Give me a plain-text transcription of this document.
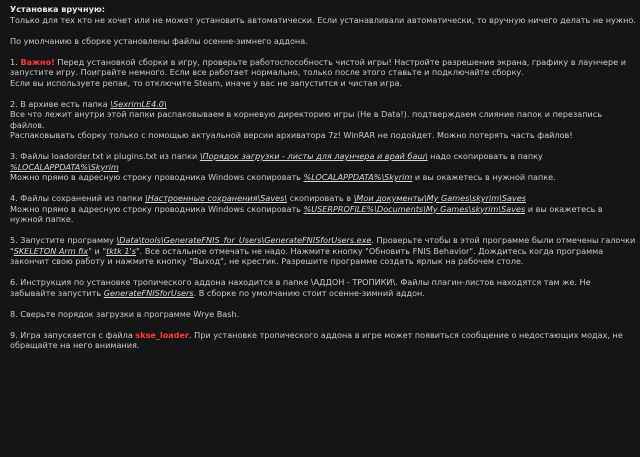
Установка вручную:

Только для тех кто не хочет или не может установить автоматически. Если устанавливали автоматически, то вручную ничего делать не нужно.

По умолчанию в сборке установлены файлы осенне-зимнего аддона.

1. Важно! Перед установкой сборки в игру, проверьте работоспособность чистой игры! Настройте разрешение экрана, графику в лаунчере и запустите игру. Поиграйте немного. Если все работает нормально, только после этого ставьте и подключайте сборку.

Если вы используете репак, то отключите Steam, иначе у вас не запустится и чистая игра.

2. В архиве есть папка \SexrimLE4.0\

Все что лежит внутри этой папки распаковываем в корневую директорию игры (Не в Data!). подтверждаем слияние папок и перезапись файлов.

Распаковывать сборку только с помощью актуальной версии архиватора 7z! WinRAR не подойдет. Можно потерять часть файлов!

3. Файлы loadorder.txt и plugins.txt из папки \Порядок загрузки - листы для лаунчера и врай баш\ надо скопировать в папку %LOCALAPPDATA%\Skyrim

Можно прямо в адресную строку проводника Windows скопировать %LOCALAPPDATA%\Skyrim и вы окажетесь в нужной папке.

4. Файлы сохранений из папки \Настроенные сохранения\Saves\ скопировать в \Мои документы\My Games\skyrim\Saves

Можно прямо в адресную строку проводника Windows скопировать %USERPROFILE%\Documents\My Games\skyrim\Saves и вы окажетесь в нужной папке.

5. Запустите программу \Data\tools\GenerateFNIS_for_Users\GenerateFNISforUsers.exe. Проверьте чтобы в этой программе были отмечены галочки "SKELETON Arm fix" и "tktk 1's". Все остальное отмечать не надо. Нажмите кнопку "Обновить FNIS Behavior". Дождитесь когда программа закончит свою работу и нажмите кнопку "Выход", не крестик. Разрешите программе создать ярлык на рабочем столе.

6. Инструкция по установке тропического аддона находится в папке \АДДОН - ТРОПИКИ\. Файлы плагин-листов находятся там же. Не забывайте запустить GenerateFNISforUsers. В сборке по умолчанию стоит осенне-зимний аддон.

8. Сверьте порядок загрузки в программе Wrye Bash.

9. Игра запускается с файла skse_loader. При установке тропического аддона в игре может появиться сообщение о недостающих модах, не обращайте на него внимания.
